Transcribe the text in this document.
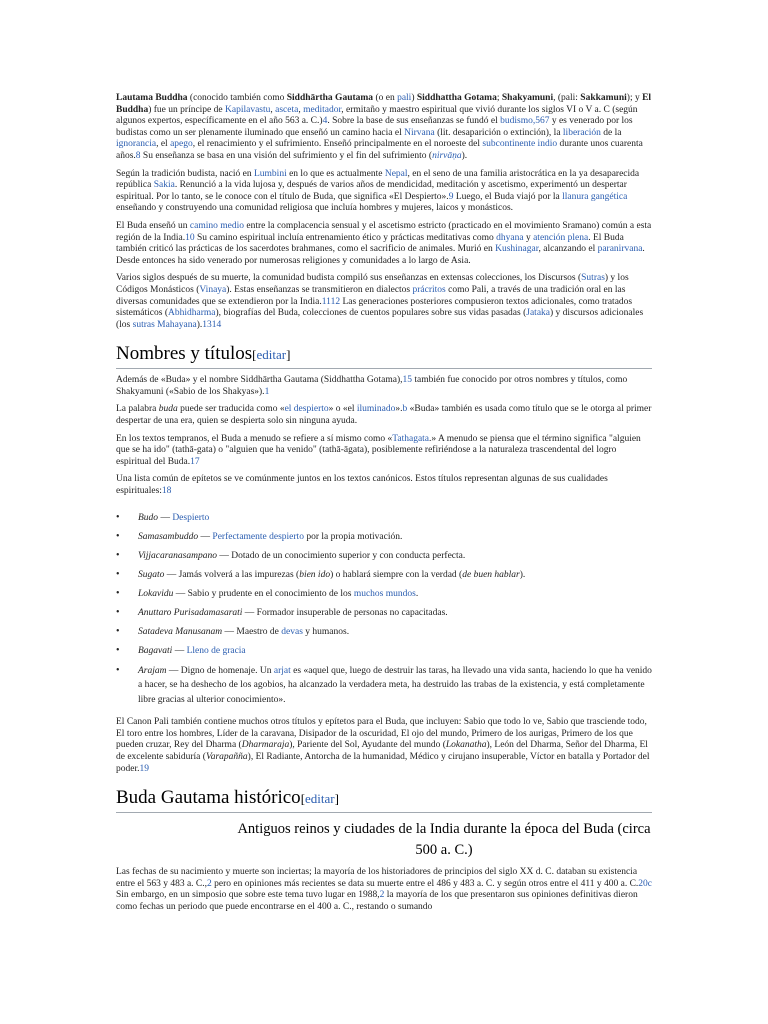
Lautama Buddha (conocido también como Siddhārtha Gautama (o en pali) Siddhattha Gotama; Shakyamuni, (pali: Sakkamuni); y El Buddha) fue un príncipe de Kapilavastu, asceta, meditador, ermitaño y maestro espiritual que vivió durante los siglos VI o V a. C (según algunos expertos, específicamente en el año 563 a. C.)4. Sobre la base de sus enseñanzas se fundó el budismo,567 y es venerado por los budistas como un ser plenamente iluminado que enseñó un camino hacia el Nirvana (lit. desaparición o extinción), la liberación de la ignorancia, el apego, el renacimiento y el sufrimiento. Enseñó principalmente en el noroeste del subcontinente indio durante unos cuarenta años.8 Su enseñanza se basa en una visión del sufrimiento y el fin del sufrimiento (nirvāṇa).

Según la tradición budista, nació en Lumbini en lo que es actualmente Nepal, en el seno de una familia aristocrática en la ya desaparecida república Sakia. Renunció a la vida lujosa y, después de varios años de mendicidad, meditación y ascetismo, experimentó un despertar espiritual. Por lo tanto, se le conoce con el título de Buda, que significa «El Despierto».9 Luego, el Buda viajó por la llanura gangética enseñando y construyendo una comunidad religiosa que incluía hombres y mujeres, laicos y monásticos.

El Buda enseñó un camino medio entre la complacencia sensual y el ascetismo estricto (practicado en el movimiento Sramano) común a esta región de la India.10 Su camino espiritual incluía entrenamiento ético y prácticas meditativas como dhyana y atención plena. El Buda también criticó las prácticas de los sacerdotes brahmanes, como el sacrificio de animales. Murió en Kushinagar, alcanzando el paranirvana. Desde entonces ha sido venerado por numerosas religiones y comunidades a lo largo de Asia.

Varios siglos después de su muerte, la comunidad budista compiló sus enseñanzas en extensas colecciones, los Discursos (Sutras) y los Códigos Monásticos (Vinaya). Estas enseñanzas se transmitieron en dialectos prácritos como Pali, a través de una tradición oral en las diversas comunidades que se extendieron por la India.1112 Las generaciones posteriores compusieron textos adicionales, como tratados sistemáticos (Abhidharma), biografías del Buda, colecciones de cuentos populares sobre sus vidas pasadas (Jataka) y discursos adicionales (los sutras Mahayana).1314

Nombres y títulos[editar]

Además de «Buda» y el nombre Siddhārtha Gautama (Siddhattha Gotama),15 también fue conocido por otros nombres y títulos, como Shakyamuni («Sabio de los Shakyas»).1

La palabra buda puede ser traducida como «el despierto» o «el iluminado».b «Buda» también es usada como título que se le otorga al primer despertar de una era, quien se despierta solo sin ninguna ayuda.

En los textos tempranos, el Buda a menudo se refiere a sí mismo como «Tathagata.» A menudo se piensa que el término significa "alguien que se ha ido" (tathā-gata) o "alguien que ha venido" (tathā-āgata), posiblemente refiriéndose a la naturaleza trascendental del logro espiritual del Buda.17

Una lista común de epítetos se ve comúnmente juntos en los textos canónicos. Estos títulos representan algunas de sus cualidades espirituales:18

• Budo — Despierto
• Samasambuddo — Perfectamente despierto por la propia motivación.
• Vijjacaranasampano — Dotado de un conocimiento superior y con conducta perfecta.
• Sugato — Jamás volverá a las impurezas (bien ido) o hablará siempre con la verdad (de buen hablar).
• Lokavidu — Sabio y prudente en el conocimiento de los muchos mundos.
• Anuttaro Purisadamasarati — Formador insuperable de personas no capacitadas.
• Satadeva Manusanam — Maestro de devas y humanos.
• Bagavati — Lleno de gracia
• Arajam — Digno de homenaje. Un arjat es «aquel que, luego de destruir las taras, ha llevado una vida santa, haciendo lo que ha venido a hacer, se ha deshecho de los agobios, ha alcanzado la verdadera meta, ha destruido las trabas de la existencia, y está completamente libre gracias al ulterior conocimiento».

El Canon Pali también contiene muchos otros títulos y epítetos para el Buda, que incluyen: Sabio que todo lo ve, Sabio que trasciende todo, El toro entre los hombres, Líder de la caravana, Disipador de la oscuridad, El ojo del mundo, Primero de los aurigas, Primero de los que pueden cruzar, Rey del Dharma (Dharmaraja), Pariente del Sol, Ayudante del mundo (Lokanatha), León del Dharma, Señor del Dharma, El de excelente sabiduría (Varapañña), El Radiante, Antorcha de la humanidad, Médico y cirujano insuperable, Víctor en batalla y Portador del poder.19

Buda Gautama histórico[editar]
Antiguos reinos y ciudades de la India durante la época del Buda (circa 500 a. C.)

Las fechas de su nacimiento y muerte son inciertas; la mayoría de los historiadores de principios del siglo XX d. C. databan su existencia entre el 563 y 483 a. C.,2 pero en opiniones más recientes se data su muerte entre el 486 y 483 a. C. y según otros entre el 411 y 400 a. C.20c Sin embargo, en un simposio que sobre este tema tuvo lugar en 1988,2 la mayoría de los que presentaron sus opiniones definitivas dieron como fechas un periodo que puede encontrarse en el 400 a. C., restando o sumando
